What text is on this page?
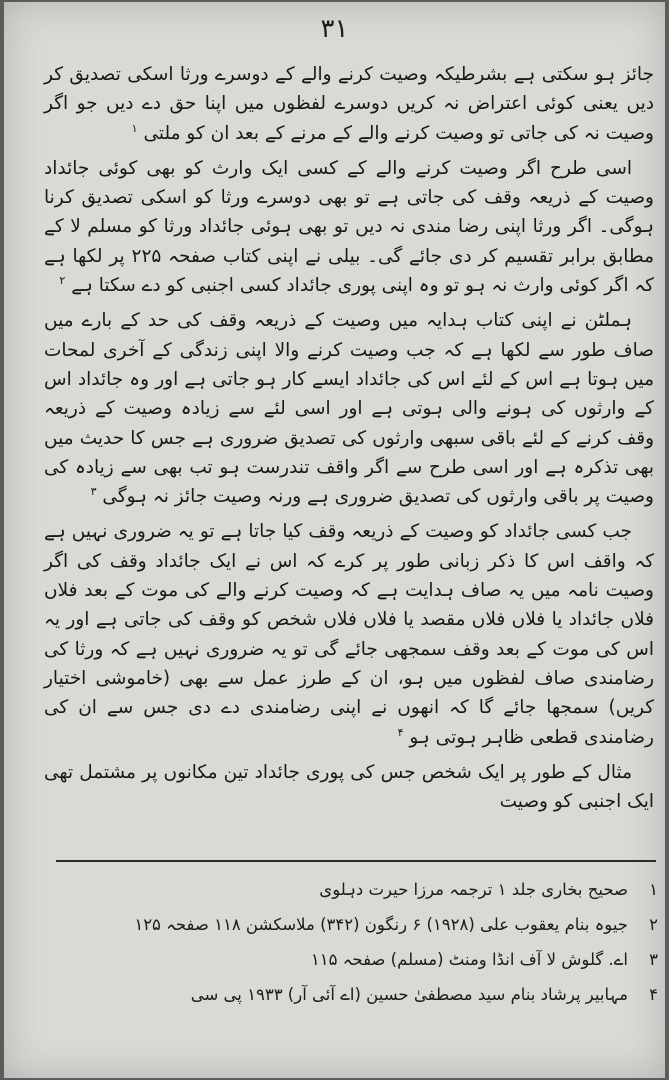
۳۱

جائز ہو سکتی ہے بشرطیکہ وصیت کرنے والے کے دوسرے ورثا اسکی تصدیق کر دیں یعنی کوئی اعتراض نہ کریں دوسرے لفظوں میں اپنا حق دے دیں جو اگر وصیت نہ کی جاتی تو وصیت کرنے والے کے مرنے کے بعد ان کو ملتی $^۱$

اسی طرح اگر وصیت کرنے والے کے کسی ایک وارث کو بھی کوئی جائداد وصیت کے ذریعہ وقف کی جاتی ہے تو بھی دوسرے ورثا کو اسکی تصدیق کرنا ہوگی۔ اگر ورثا اپنی رضا مندی نہ دیں تو بھی ہوئی جائداد ورثا کو مسلم لا کے مطابق برابر تقسیم کر دی جائے گی۔ بیلی نے اپنی کتاب صفحہ ۲۲۵ پر لکھا ہے کہ اگر کوئی وارث نہ ہو تو وہ اپنی پوری جائداد کسی اجنبی کو دے سکتا ہے $^۲$

ہملٹن نے اپنی کتاب ہدایہ میں وصیت کے ذریعہ وقف کی حد کے بارے میں صاف طور سے لکھا ہے کہ جب وصیت کرنے والا اپنی زندگی کے آخری لمحات میں ہوتا ہے اس کے لئے اس کی جائداد ایسے کار ہو جاتی ہے اور وہ جائداد اس کے وارثوں کی ہونے والی ہوتی ہے اور اسی لئے سے زیادہ وصیت کے ذریعہ وقف کرنے کے لئے باقی سبھی وارثوں کی تصدیق ضروری ہے جس کا حدیث میں بھی تذکرہ ہے اور اسی طرح سے اگر واقف تندرست ہو تب بھی سے زیادہ کی وصیت پر باقی وارثوں کی تصدیق ضروری ہے ورنہ وصیت جائز نہ ہوگی $^۳$

جب کسی جائداد کو وصیت کے ذریعہ وقف کیا جاتا ہے تو یہ ضروری نہیں ہے کہ واقف اس کا ذکر زبانی طور پر کرے کہ اس نے ایک جائداد وقف کی اگر وصیت نامہ میں یہ صاف ہدایت ہے کہ وصیت کرنے والے کی موت کے بعد فلاں فلاں جائداد یا فلاں فلاں مقصد یا فلاں فلاں شخص کو وقف کی جاتی ہے اور یہ اس کی موت کے بعد وقف سمجھی جائے گی تو یہ ضروری نہیں ہے کہ ورثا کی رضامندی صاف لفظوں میں ہو، ان کے طرز عمل سے بھی (خاموشی اختیار کریں) سمجھا جائے گا کہ انھوں نے اپنی رضامندی دے دی جس سے ان کی رضامندی قطعی ظاہر ہوتی ہو $^۴$

مثال کے طور پر ایک شخص جس کی پوری جائداد تین مکانوں پر مشتمل تھی ایک اجنبی کو وصیت

۱
صحیح بخاری جلد ۱ ترجمہ مرزا حیرت دہلوی
۲
جیوہ بنام یعقوب علی (۱۹۲۸) ۶ رنگون (۳۴۲) ملاسکشن ۱۱۸ صفحہ ۱۲۵
۳
اے. گلوش لا آف انڈا ومنٹ (مسلم) صفحہ ۱۱۵
۴
مہابیر پرشاد بنام سید مصطفیٰ حسین (اے آئی آر) ۱۹۳۳ پی سی
